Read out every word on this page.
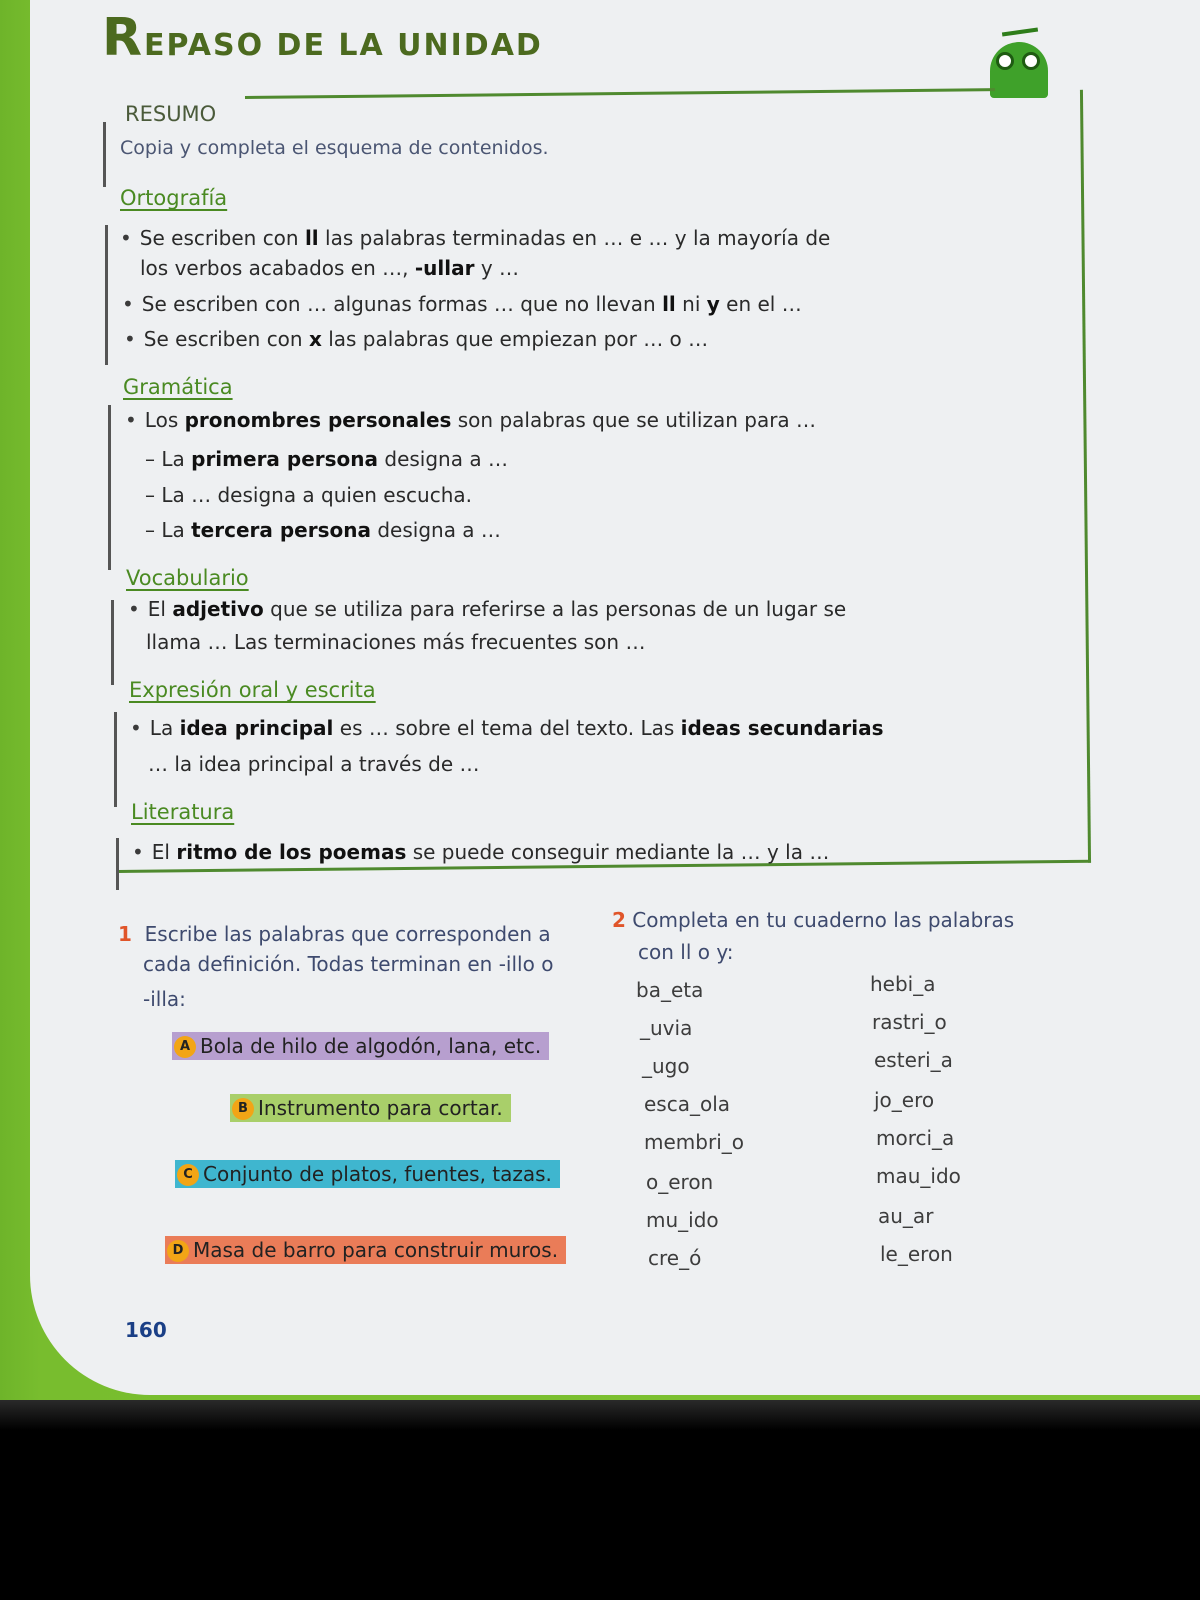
REPASO DE LA UNIDAD
RESUMO
Copia y completa el esquema de contenidos.
Ortografía
• Se escriben con ll las palabras terminadas en … e … y la mayoría de
los verbos acabados en …, -ullar y …
• Se escriben con … algunas formas … que no llevan ll ni y en el …
• Se escriben con x las palabras que empiezan por … o …
Gramática
• Los pronombres personales son palabras que se utilizan para …
– La primera persona designa a …
– La … designa a quien escucha.
– La tercera persona designa a …
Vocabulario
• El adjetivo que se utiliza para referirse a las personas de un lugar se
llama … Las terminaciones más frecuentes son …
Expresión oral y escrita
• La idea principal es … sobre el tema del texto. Las ideas secundarias
… la idea principal a través de …
Literatura
• El ritmo de los poemas se puede conseguir mediante la … y la …
1 Escribe las palabras que corresponden a
cada definición. Todas terminan en -illo o
-illa:
A Bola de hilo de algodón, lana, etc.
B Instrumento para cortar.
C Conjunto de platos, fuentes, tazas.
D Masa de barro para construir muros.
2 Completa en tu cuaderno las palabras
con ll o y:
ba_eta
_uvia
_ugo
esca_ola
membri_o
o_eron
mu_ido
cre_ó
hebi_a
rastri_o
esteri_a
jo_ero
morci_a
mau_ido
au_ar
le_eron
160
